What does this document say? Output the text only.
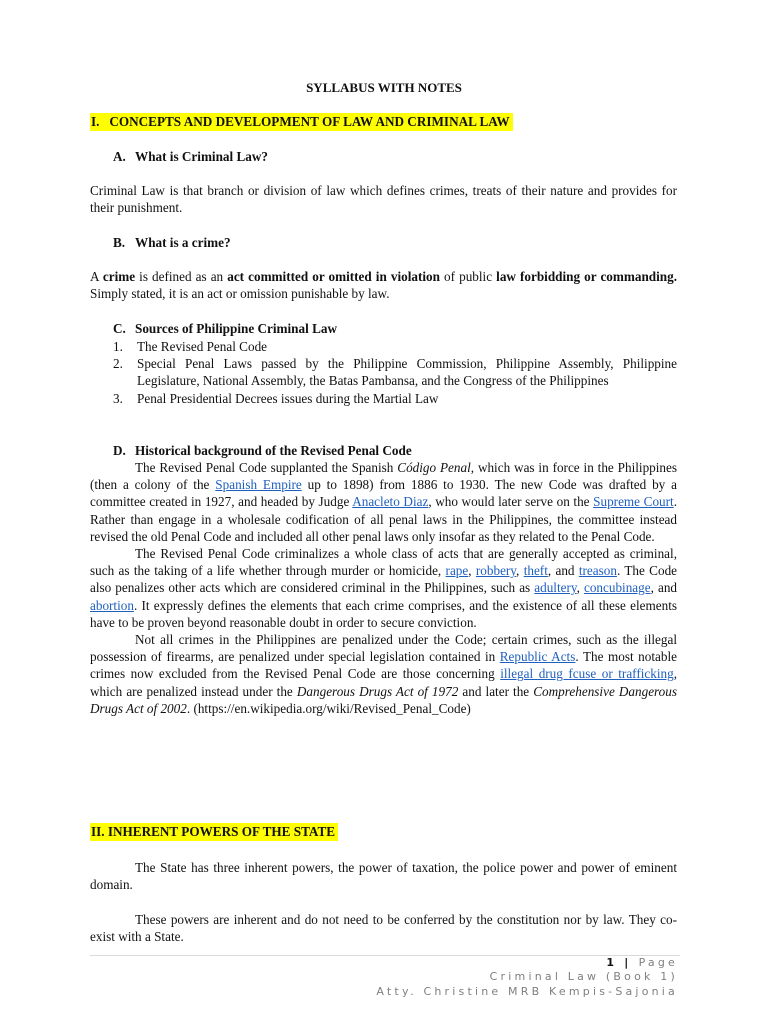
SYLLABUS WITH NOTES
I. CONCEPTS AND DEVELOPMENT OF LAW AND CRIMINAL LAW
A. What is Criminal Law?
Criminal Law is that branch or division of law which defines crimes, treats of their nature and provides for their punishment.
B. What is a crime?
A crime is defined as an act committed or omitted in violation of public law forbidding or commanding. Simply stated, it is an act or omission punishable by law.
C. Sources of Philippine Criminal Law
1. The Revised Penal Code
2. Special Penal Laws passed by the Philippine Commission, Philippine Assembly, Philippine Legislature, National Assembly, the Batas Pambansa, and the Congress of the Philippines
3. Penal Presidential Decrees issues during the Martial Law
D. Historical background of the Revised Penal Code
The Revised Penal Code supplanted the Spanish Código Penal, which was in force in the Philippines (then a colony of the Spanish Empire up to 1898) from 1886 to 1930. The new Code was drafted by a committee created in 1927, and headed by Judge Anacleto Diaz, who would later serve on the Supreme Court. Rather than engage in a wholesale codification of all penal laws in the Philippines, the committee instead revised the old Penal Code and included all other penal laws only insofar as they related to the Penal Code.
The Revised Penal Code criminalizes a whole class of acts that are generally accepted as criminal, such as the taking of a life whether through murder or homicide, rape, robbery, theft, and treason. The Code also penalizes other acts which are considered criminal in the Philippines, such as adultery, concubinage, and abortion. It expressly defines the elements that each crime comprises, and the existence of all these elements have to be proven beyond reasonable doubt in order to secure conviction.
Not all crimes in the Philippines are penalized under the Code; certain crimes, such as the illegal possession of firearms, are penalized under special legislation contained in Republic Acts. The most notable crimes now excluded from the Revised Penal Code are those concerning illegal drug fcuse or trafficking, which are penalized instead under the Dangerous Drugs Act of 1972 and later the Comprehensive Dangerous Drugs Act of 2002. (https://en.wikipedia.org/wiki/Revised_Penal_Code)
II. INHERENT POWERS OF THE STATE
The State has three inherent powers, the power of taxation, the police power and power of eminent domain.
These powers are inherent and do not need to be conferred by the constitution nor by law. They co-exist with a State.
1 | Page
Criminal Law (Book 1)
Atty. Christine MRB Kempis-Sajonia
